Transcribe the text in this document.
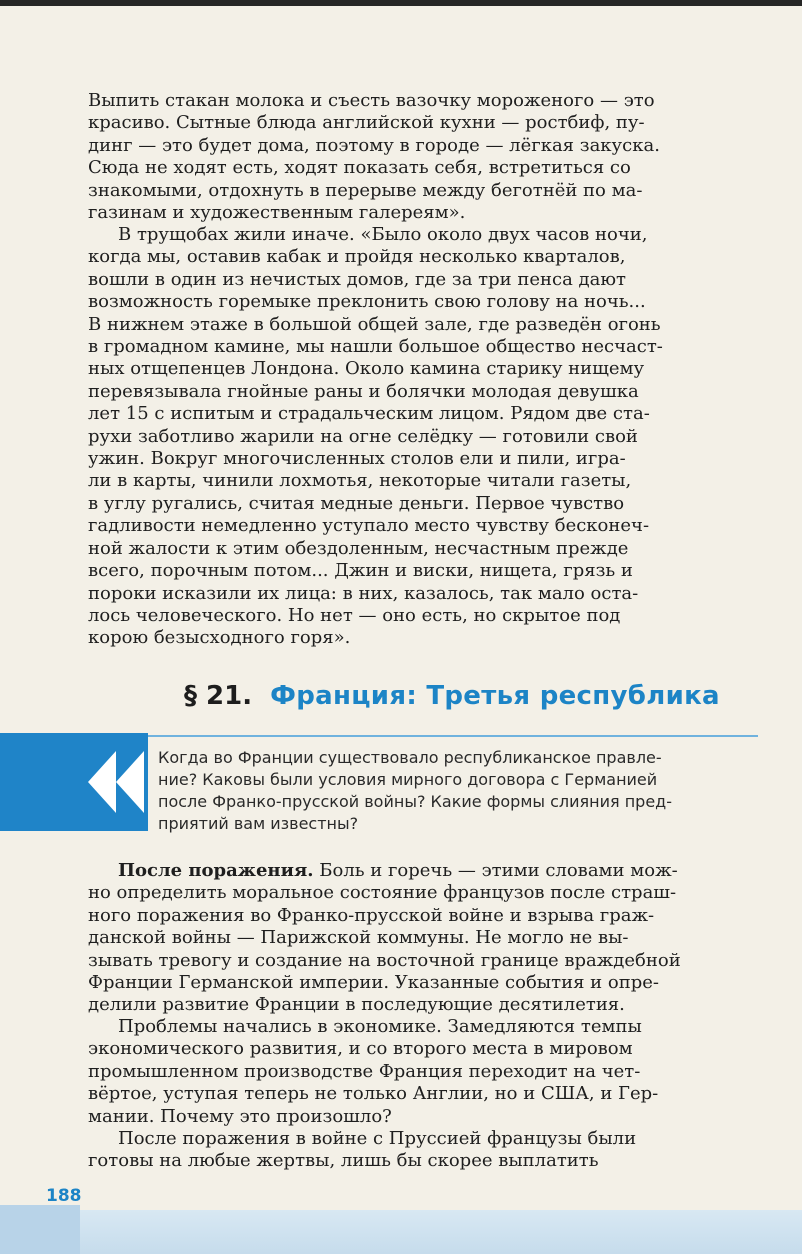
Выпить стакан молока и съесть вазочку мороженого — это
красиво. Сытные блюда английской кухни — ростбиф, пу-
динг — это будет дома, поэтому в городе — лёгкая закуска.
Сюда не ходят есть, ходят показать себя, встретиться со
знакомыми, отдохнуть в перерыве между беготнёй по ма-
газинам и художественным галереям».

В трущобах жили иначе. «Было около двух часов ночи,
когда мы, оставив кабак и пройдя несколько кварталов,
вошли в один из нечистых домов, где за три пенса дают
возможность горемыке преклонить свою голову на ночь...
В нижнем этаже в большой общей зале, где разведён огонь
в громадном камине, мы нашли большое общество несчаст-
ных отщепенцев Лондона. Около камина старику нищему
перевязывала гнойные раны и болячки молодая девушка
лет 15 с испитым и страдальческим лицом. Рядом две ста-
рухи заботливо жарили на огне селёдку — готовили свой
ужин. Вокруг многочисленных столов ели и пили, игра-
ли в карты, чинили лохмотья, некоторые читали газеты,
в углу ругались, считая медные деньги. Первое чувство
гадливости немедленно уступало место чувству бесконеч-
ной жалости к этим обездоленным, несчастным прежде
всего, порочным потом... Джин и виски, нищета, грязь и
пороки исказили их лица: в них, казалось, так мало оста-
лось человеческого. Но нет — оно есть, но скрытое под
корою безысходного горя».

§ 21. Франция: Третья республика

Когда во Франции существовало республиканское правле-
ние? Каковы были условия мирного договора с Германией
после Франко-прусской войны? Какие формы слияния пред-
приятий вам известны?

После поражения. Боль и горечь — этими словами мож-
но определить моральное состояние французов после страш-
ного поражения во Франко-прусской войне и взрыва граж-
данской войны — Парижской коммуны. Не могло не вы-
зывать тревогу и создание на восточной границе враждебной
Франции Германской империи. Указанные события и опре-
делили развитие Франции в последующие десятилетия.

Проблемы начались в экономике. Замедляются темпы
экономического развития, и со второго места в мировом
промышленном производстве Франция переходит на чет-
вёртое, уступая теперь не только Англии, но и США, и Гер-
мании. Почему это произошло?

После поражения в войне с Пруссией французы были
готовы на любые жертвы, лишь бы скорее выплатить

188
